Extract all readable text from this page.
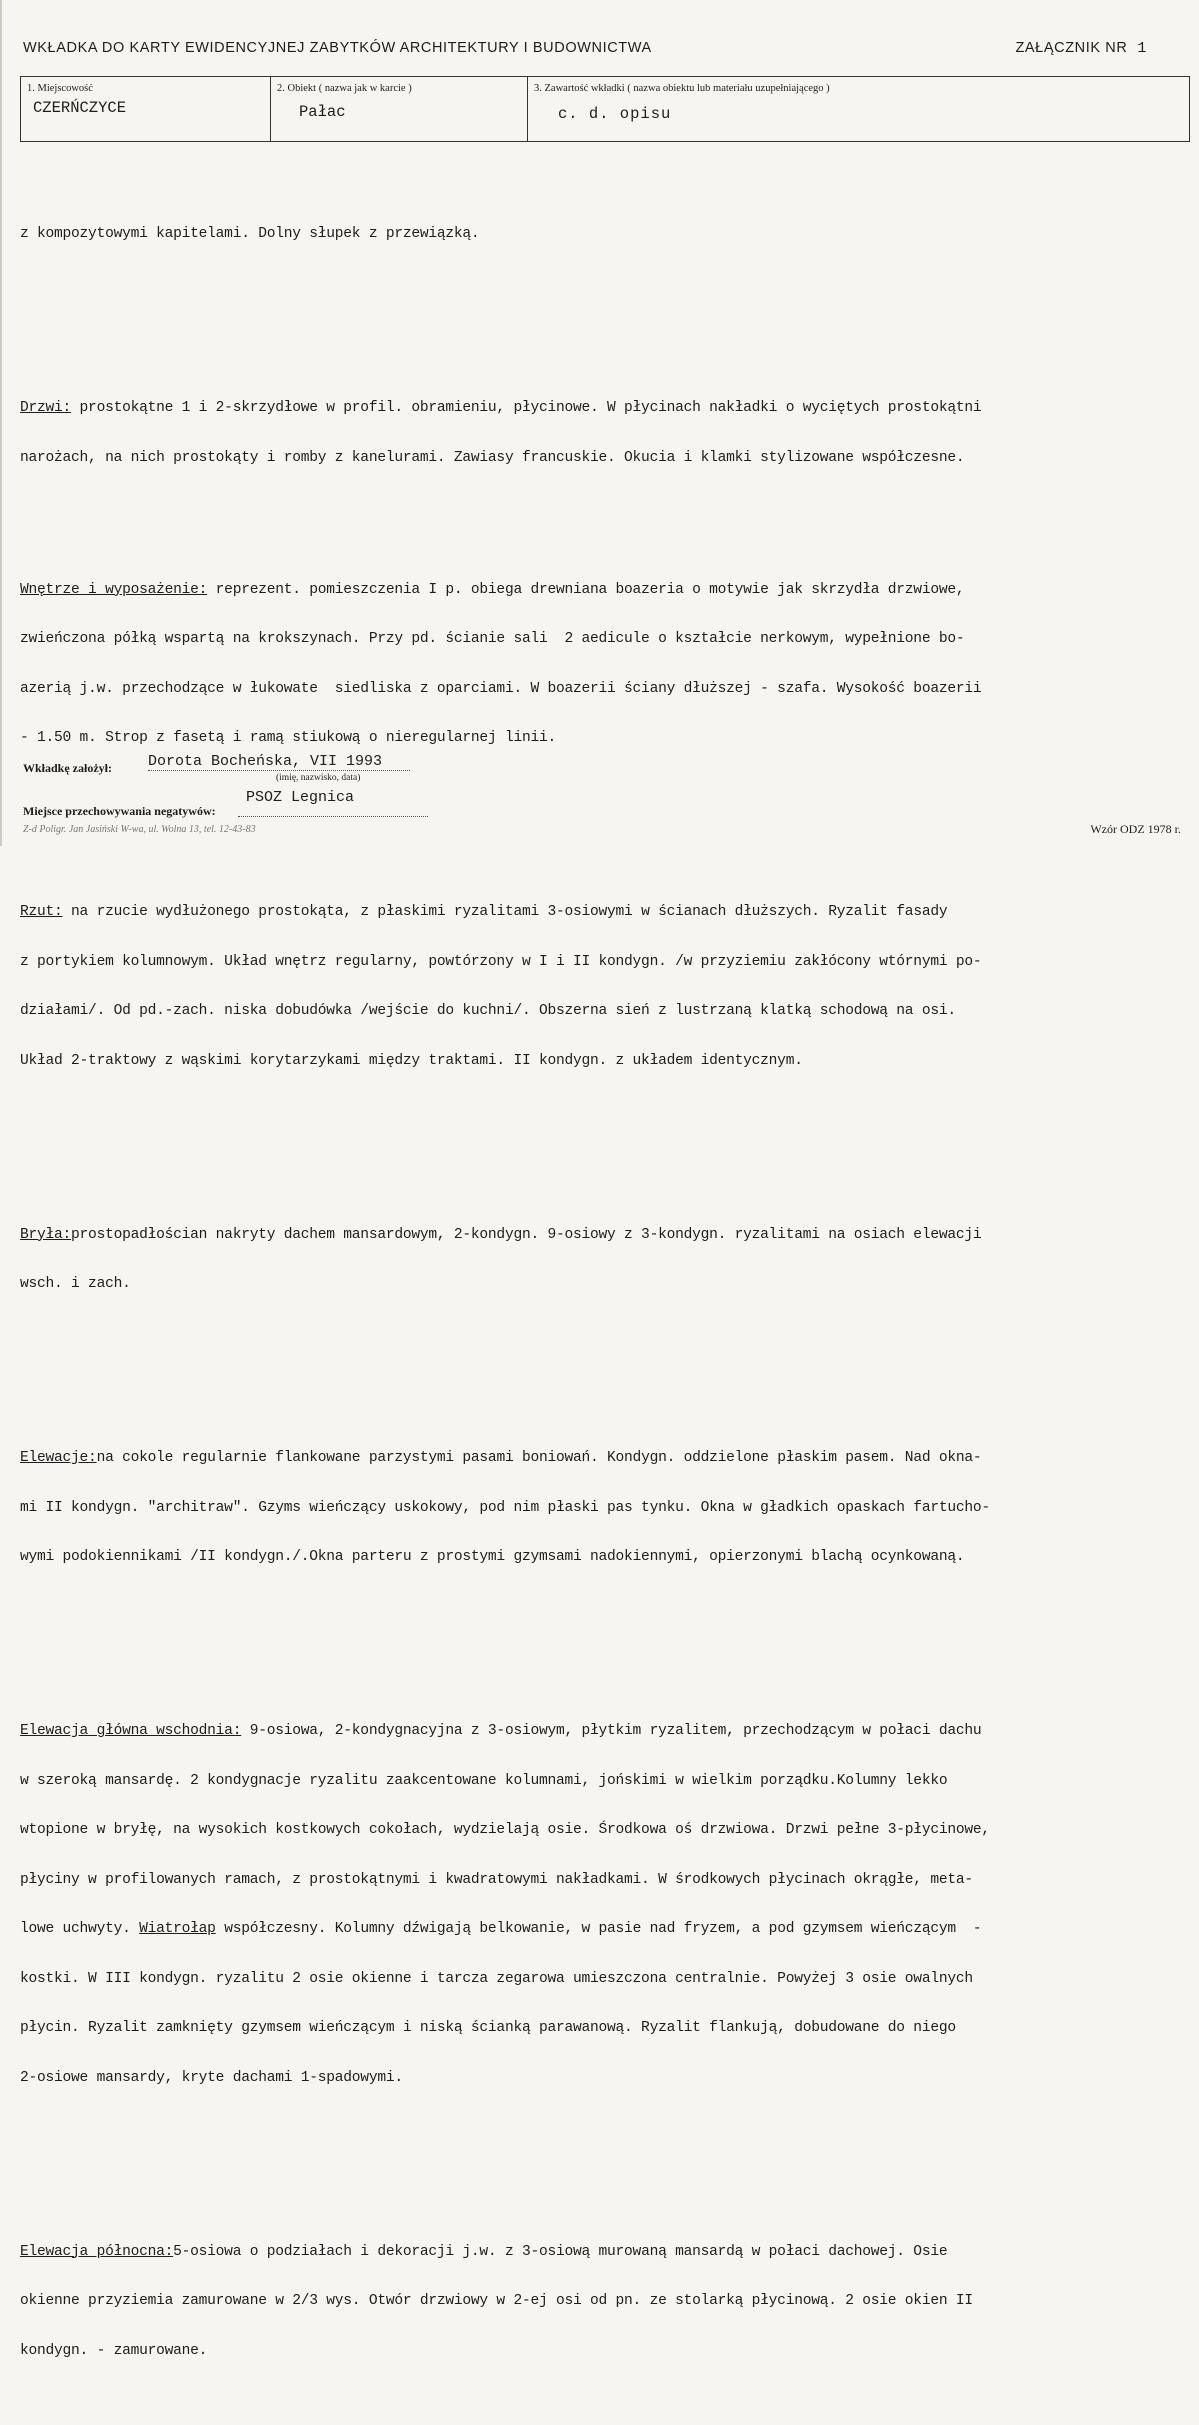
WKŁADKA DO KARTY EWIDENCYJNEJ ZABYTKÓW ARCHITEKTURY I BUDOWNICTWA	ZAŁĄCZNIK NR 1
1. Miejscowość
CZERŃCZYCE
2. Obiekt ( nazwa jak w karcie )
Pałac
3. Zawartość wkładki ( nazwa obiektu lub materiału uzupełniającego )
c. d. opisu

z kompozytowymi kapitelami. Dolny słupek z przewiązką.

Drzwi: prostokątne 1 i 2-skrzydłowe w profil. obramieniu, płycinowe. W płycinach nakładki o wyciętych prostokątni

narożach, na nich prostokąty i romby z kanelurami. Zawiasy francuskie. Okucia i klamki stylizowane współczesne.

Wnętrze i wyposażenie: reprezent. pomieszczenia I p. obiega drewniana boazeria o motywie jak skrzydła drzwiowe,

zwieńczona półką wspartą na krokszynach. Przy pd. ścianie sali  2 aedicule o kształcie nerkowym, wypełnione bo-

azerią j.w. przechodzące w łukowate  siedliska z oparciami. W boazerii ściany dłuższej - szafa. Wysokość boazerii

- 1.50 m. Strop z fasetą i ramą stiukową o nieregularnej linii.

Rzut: na rzucie wydłużonego prostokąta, z płaskimi ryzalitami 3-osiowymi w ścianach dłuższych. Ryzalit fasady

z portykiem kolumnowym. Układ wnętrz regularny, powtórzony w I i II kondygn. /w przyziemiu zakłócony wtórnymi po-

działami/. Od pd.-zach. niska dobudówka /wejście do kuchni/. Obszerna sień z lustrzaną klatką schodową na osi.

Układ 2-traktowy z wąskimi korytarzykami między traktami. II kondygn. z układem identycznym.

Bryła:prostopadłościan nakryty dachem mansardowym, 2-kondygn. 9-osiowy z 3-kondygn. ryzalitami na osiach elewacji

wsch. i zach.

Elewacje:na cokole regularnie flankowane parzystymi pasami boniowań. Kondygn. oddzielone płaskim pasem. Nad okna-

mi II kondygn. "architraw". Gzyms wieńczący uskokowy, pod nim płaski pas tynku. Okna w gładkich opaskach fartucho-

wymi podokiennikami /II kondygn./.Okna parteru z prostymi gzymsami nadokiennymi, opierzonymi blachą ocynkowaną.

Elewacja główna wschodnia: 9-osiowa, 2-kondygnacyjna z 3-osiowym, płytkim ryzalitem, przechodzącym w połaci dachu

w szeroką mansardę. 2 kondygnacje ryzalitu zaakcentowane kolumnami, jońskimi w wielkim porządku.Kolumny lekko

wtopione w bryłę, na wysokich kostkowych cokołach, wydzielają osie. Środkowa oś drzwiowa. Drzwi pełne 3-płycinowe,

płyciny w profilowanych ramach, z prostokątnymi i kwadratowymi nakładkami. W środkowych płycinach okrągłe, meta-

lowe uchwyty. Wiatrołap współczesny. Kolumny dźwigają belkowanie, w pasie nad fryzem, a pod gzymsem wieńczącym  -

kostki. W III kondygn. ryzalitu 2 osie okienne i tarcza zegarowa umieszczona centralnie. Powyżej 3 osie owalnych

płycin. Ryzalit zamknięty gzymsem wieńczącym i niską ścianką parawanową. Ryzalit flankują, dobudowane do niego

2-osiowe mansardy, kryte dachami 1-spadowymi.

Elewacja północna:5-osiowa o podziałach i dekoracji j.w. z 3-osiową murowaną mansardą w połaci dachowej. Osie

okienne przyziemia zamurowane w 2/3 wys. Otwór drzwiowy w 2-ej osi od pn. ze stolarką płycinową. 2 osie okien II

kondygn. - zamurowane.

Wkładkę założył: Dorota Bocheńska, VII 1993
(imię, nazwisko, data)
Miejsce przechowywania negatywów:
PSOZ Legnica
Z-d Poligr. Jan Jasiński W-wa, ul. Wolna 13, tel. 12-43-83	Wzór ODZ 1978 r.
